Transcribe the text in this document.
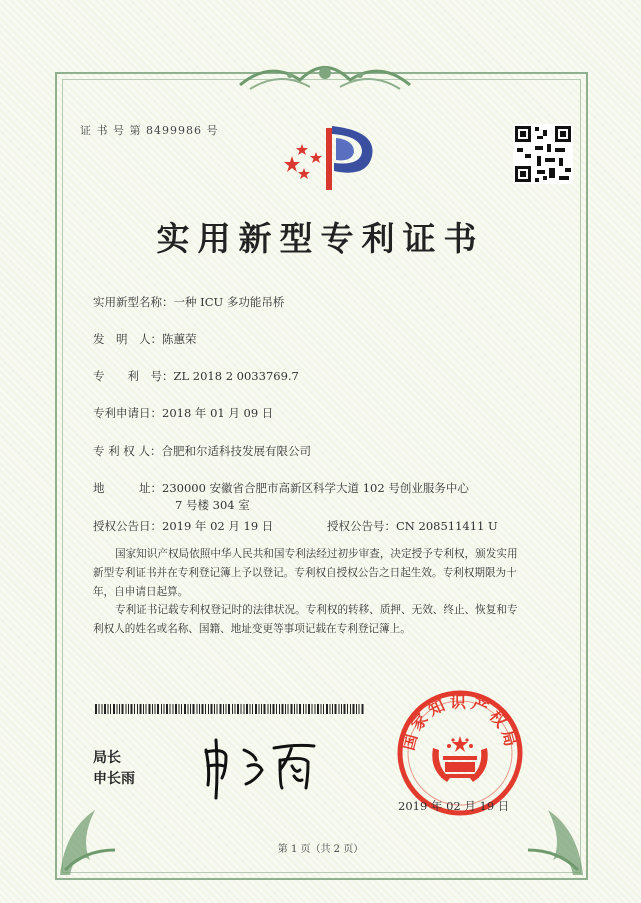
证 书 号 第 8499986 号
实用新型专利证书
实用新型名称：一种 ICU 多功能吊桥
发　明　人：陈蕙荣
专　　利　号：ZL 2018 2 0033769.7
专利申请日：2018 年 01 月 09 日
专 利 权 人：合肥和尔适科技发展有限公司
地　　　址：230000 安徽省合肥市高新区科学大道 102 号创业服务中心
7 号楼 304 室
授权公告日：2019 年 02 月 19 日	授权公告号：CN 208511411 U
国家知识产权局依照中华人民共和国专利法经过初步审查，决定授予专利权，颁发实用
新型专利证书并在专利登记簿上予以登记。专利权自授权公告之日起生效。专利权期限为十
年，自申请日起算。
专利证书记载专利权登记时的法律状况。专利权的转移、质押、无效、终止、恢复和专
利权人的姓名或名称、国籍、地址变更等事项记载在专利登记簿上。
局长
申长雨
国家知识产权局
2019 年 02 月 19 日
第 1 页（共 2 页）
